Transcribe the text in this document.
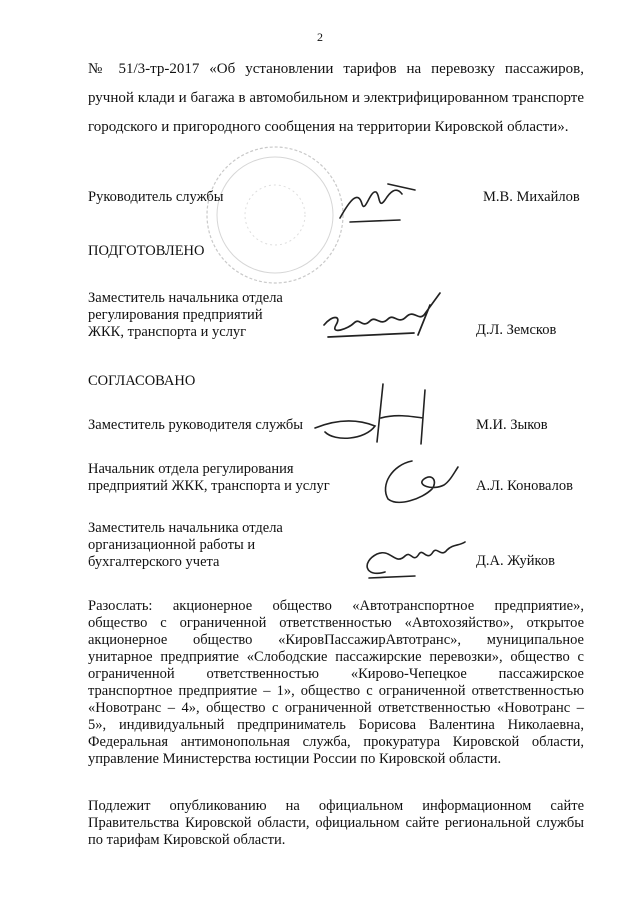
2
№ 51/3-тр-2017 «Об установлении тарифов на перевозку пассажиров, ручной клади и багажа в автомобильном и электрифицированном транспорте городского и пригородного сообщения на территории Кировской области».
Руководитель службы	М.В. Михайлов
ПОДГОТОВЛЕНО
Заместитель начальника отдела
регулирования предприятий
ЖКК, транспорта и услуг	Д.Л. Земсков
СОГЛАСОВАНО
Заместитель руководителя службы	М.И. Зыков
Начальник отдела регулирования
предприятий ЖКК, транспорта и услуг	А.Л. Коновалов
Заместитель начальника отдела
организационной работы и
бухгалтерского учета	Д.А. Жуйков
Разослать: акционерное общество «Автотранспортное предприятие»,
общество с ограниченной ответственностью «Автохозяйство», открытое
акционерное общество «КировПассажирАвтотранс», муниципальное
унитарное предприятие «Слободские пассажирские перевозки», общество с
ограниченной ответственностью «Кирово-Чепецкое пассажирское
транспортное предприятие – 1», общество с ограниченной ответственностью
«Новотранс – 4», общество с ограниченной ответственностью «Новотранс –
5», индивидуальный предприниматель Борисова Валентина Николаевна,
Федеральная антимонопольная служба, прокуратура Кировской области,
управление Министерства юстиции России по Кировской области.
Подлежит опубликованию на официальном информационном сайте
Правительства Кировской области, официальном сайте региональной службы
по тарифам Кировской области.
